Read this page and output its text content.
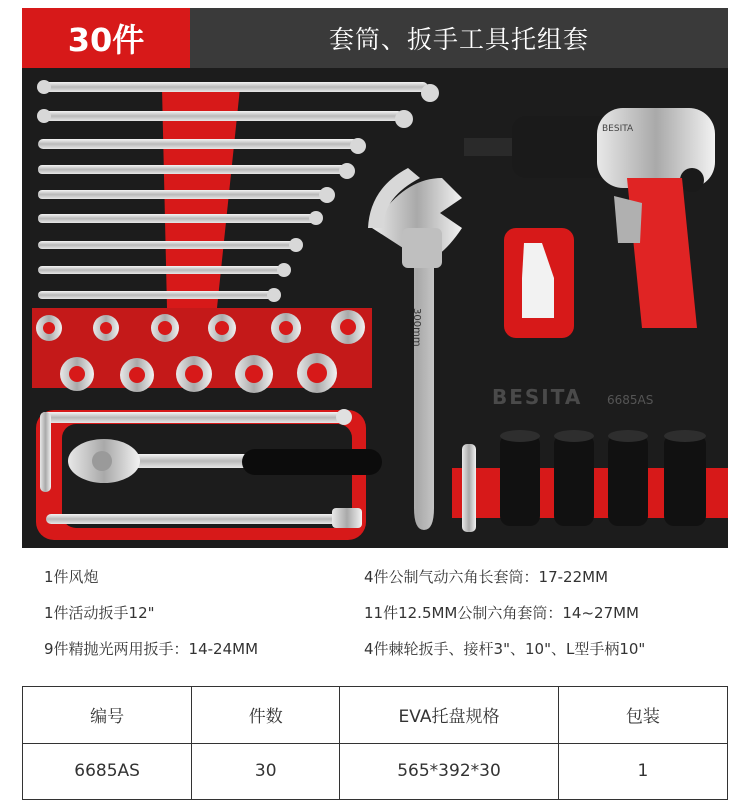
30件	套筒、扳手工具托组套
300mm
BESITA
BESITA 6685AS
1件风炮	4件公制气动六角长套筒：17-22MM
1件活动扳手12"	11件12.5MM公制六角套筒：14~27MM
9件精抛光两用扳手：14-24MM	4件棘轮扳手、接杆3"、10"、L型手柄10"
编号	件数	EVA托盘规格	包装
6685AS	30	565*392*30	1
